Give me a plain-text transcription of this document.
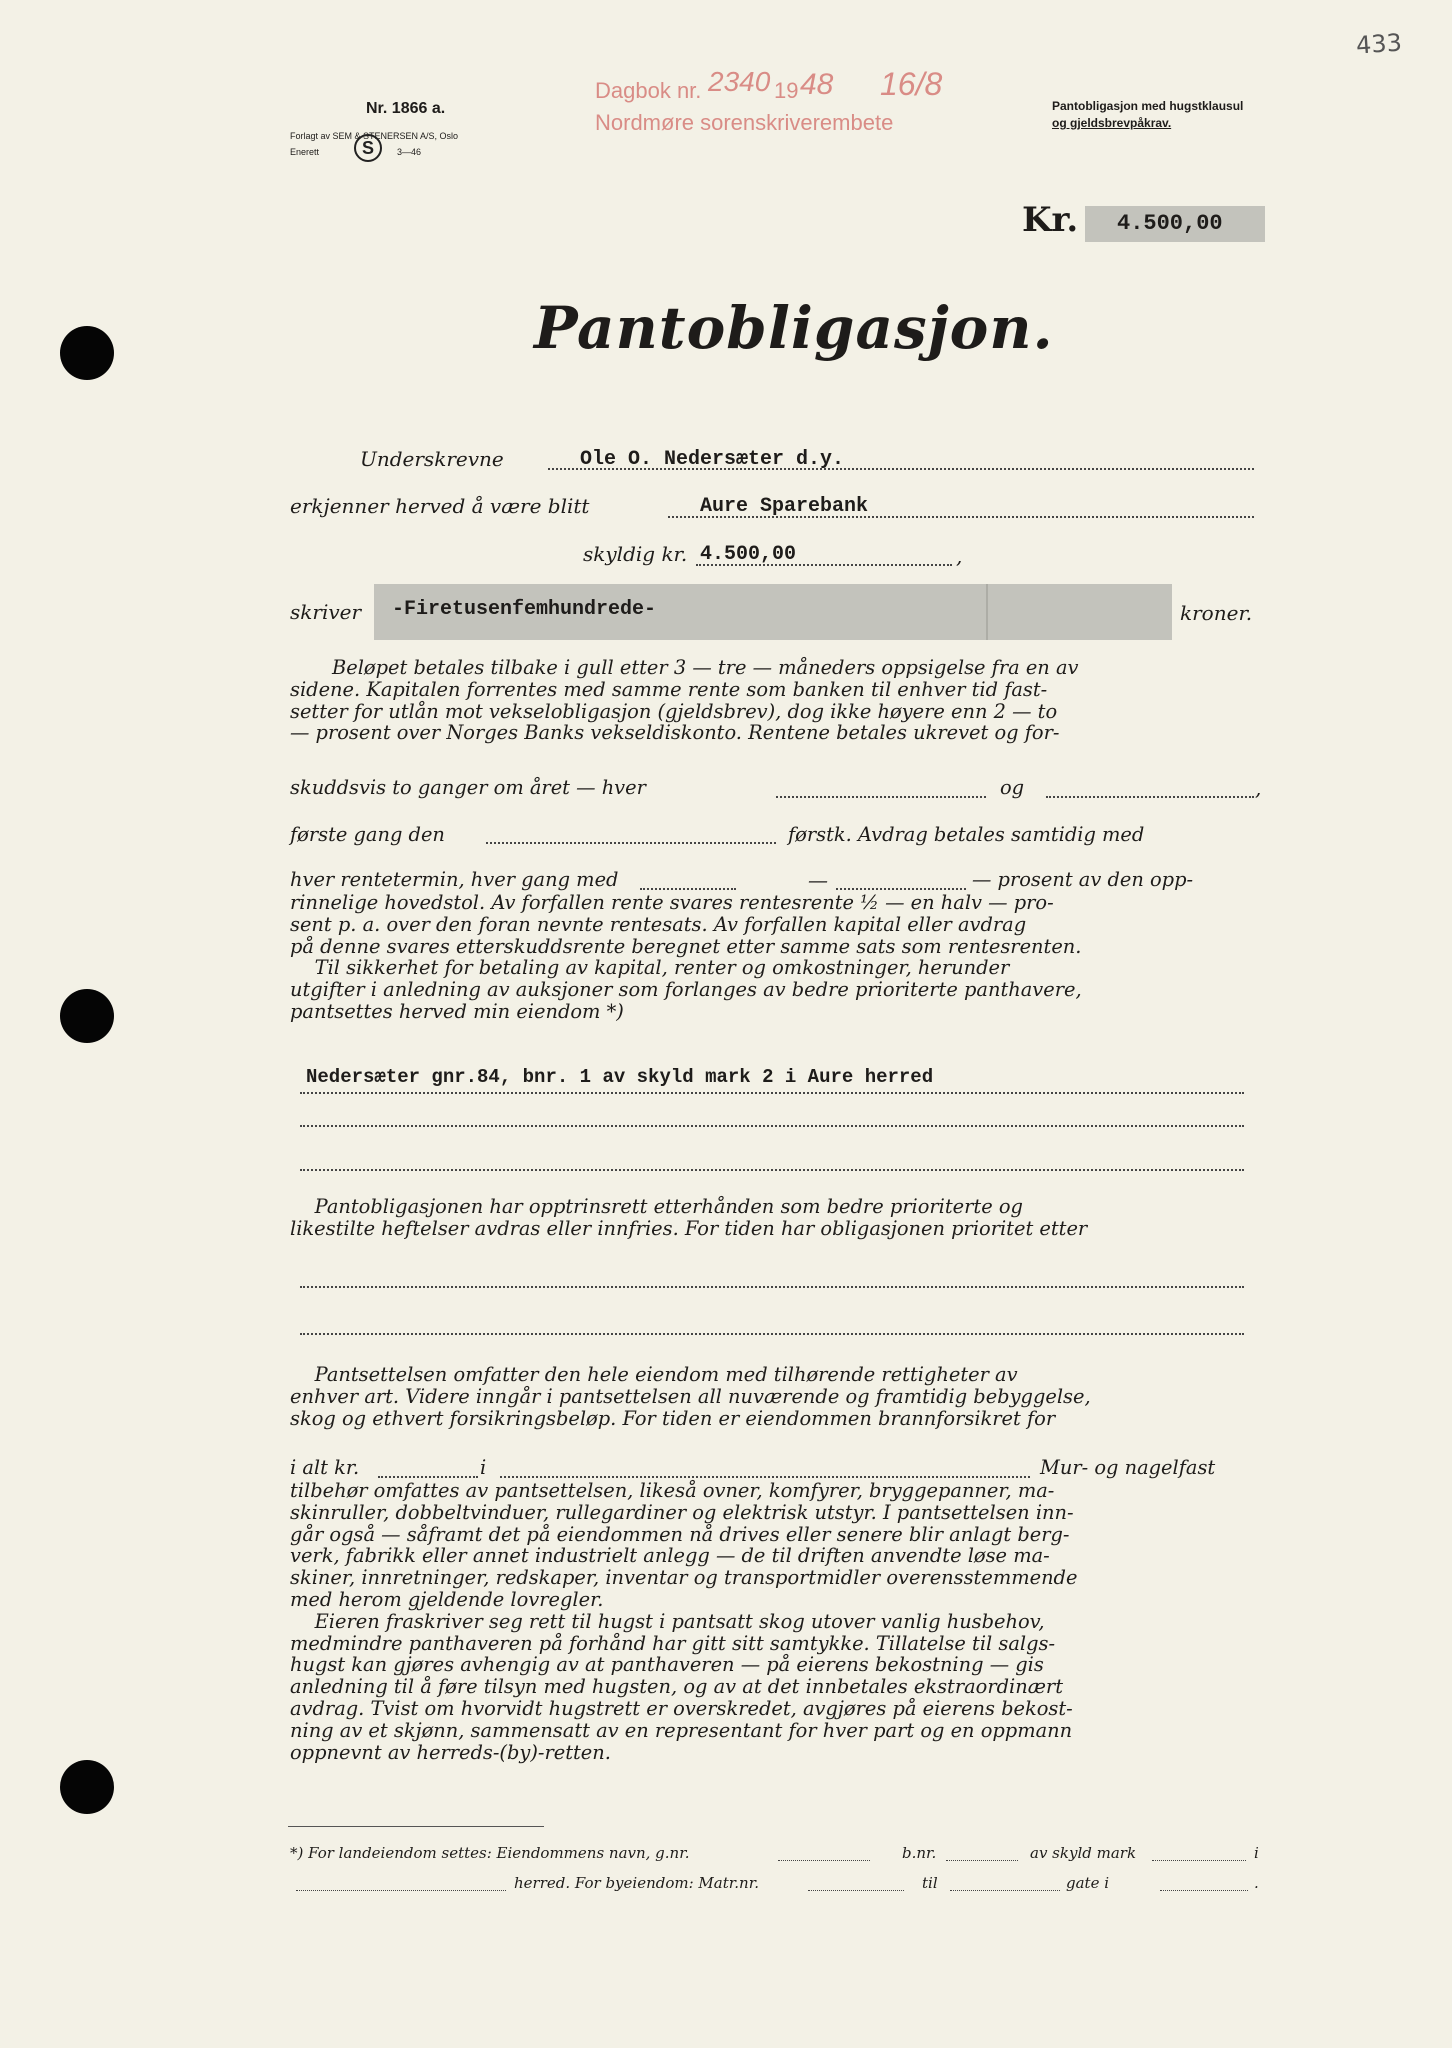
433
Nr. 1866 a.
Forlagt av SEM & STENERSEN A/S, Oslo
Enerett S	3—46
Dagbok nr. 2340 19 48 16/8
Nordmøre sorenskriverembete
Pantobligasjon med hugstklausul
og gjeldsbrevpåkrav.
Kr.	4.500,00
Pantobligasjon.
Underskrevne	Ole O. Nedersæter d.y.
erkjenner herved å være blitt	Aure Sparebank
skyldig kr. 4.500,00	,
skriver -Firetusenfemhundrede-	kroner.
Beløpet betales tilbake i gull etter 3 — tre — måneders oppsigelse fra en av
sidene. Kapitalen forrentes med samme rente som banken til enhver tid fast-
setter for utlån mot vekselobligasjon (gjeldsbrev), dog ikke høyere enn 2 — to
— prosent over Norges Banks vekseldiskonto. Rentene betales ukrevet og for-
skuddsvis to ganger om året — hver	og	,
første gang den	førstk. Avdrag betales samtidig med
hver rentetermin, hver gang med	—	— prosent av den opp-
rinnelige hovedstol. Av forfallen rente svares rentesrente ½ — en halv — pro-
sent p. a. over den foran nevnte rentesats. Av forfallen kapital eller avdrag
på denne svares etterskuddsrente beregnet etter samme sats som rentesrenten.
Til sikkerhet for betaling av kapital, renter og omkostninger, herunder
utgifter i anledning av auksjoner som forlanges av bedre prioriterte panthavere,
pantsettes herved min eiendom *)
Nedersæter gnr.84, bnr. 1 av skyld mark 2 i Aure herred
Pantobligasjonen har opptrinsrett etterhånden som bedre prioriterte og
likestilte heftelser avdras eller innfries. For tiden har obligasjonen prioritet etter
Pantsettelsen omfatter den hele eiendom med tilhørende rettigheter av
enhver art. Videre inngår i pantsettelsen all nuværende og framtidig bebyggelse,
skog og ethvert forsikringsbeløp. For tiden er eiendommen brannforsikret for
i alt kr.	i	Mur- og nagelfast
tilbehør omfattes av pantsettelsen, likeså ovner, komfyrer, bryggepanner, ma-
skinruller, dobbeltvinduer, rullegardiner og elektrisk utstyr. I pantsettelsen inn-
går også — såframt det på eiendommen nå drives eller senere blir anlagt berg-
verk, fabrikk eller annet industrielt anlegg — de til driften anvendte løse ma-
skiner, innretninger, redskaper, inventar og transportmidler overensstemmende
med herom gjeldende lovregler.
Eieren fraskriver seg rett til hugst i pantsatt skog utover vanlig husbehov,
medmindre panthaveren på forhånd har gitt sitt samtykke. Tillatelse til salgs-
hugst kan gjøres avhengig av at panthaveren — på eierens bekostning — gis
anledning til å føre tilsyn med hugsten, og av at det innbetales ekstraordinært
avdrag. Tvist om hvorvidt hugstrett er overskredet, avgjøres på eierens bekost-
ning av et skjønn, sammensatt av en representant for hver part og en oppmann
oppnevnt av herreds-(by)-retten.
*) For landeiendom settes: Eiendommens navn, g.nr.	b.nr.	av skyld mark	i
herred. For byeiendom: Matr.nr.	til	gate i	.
